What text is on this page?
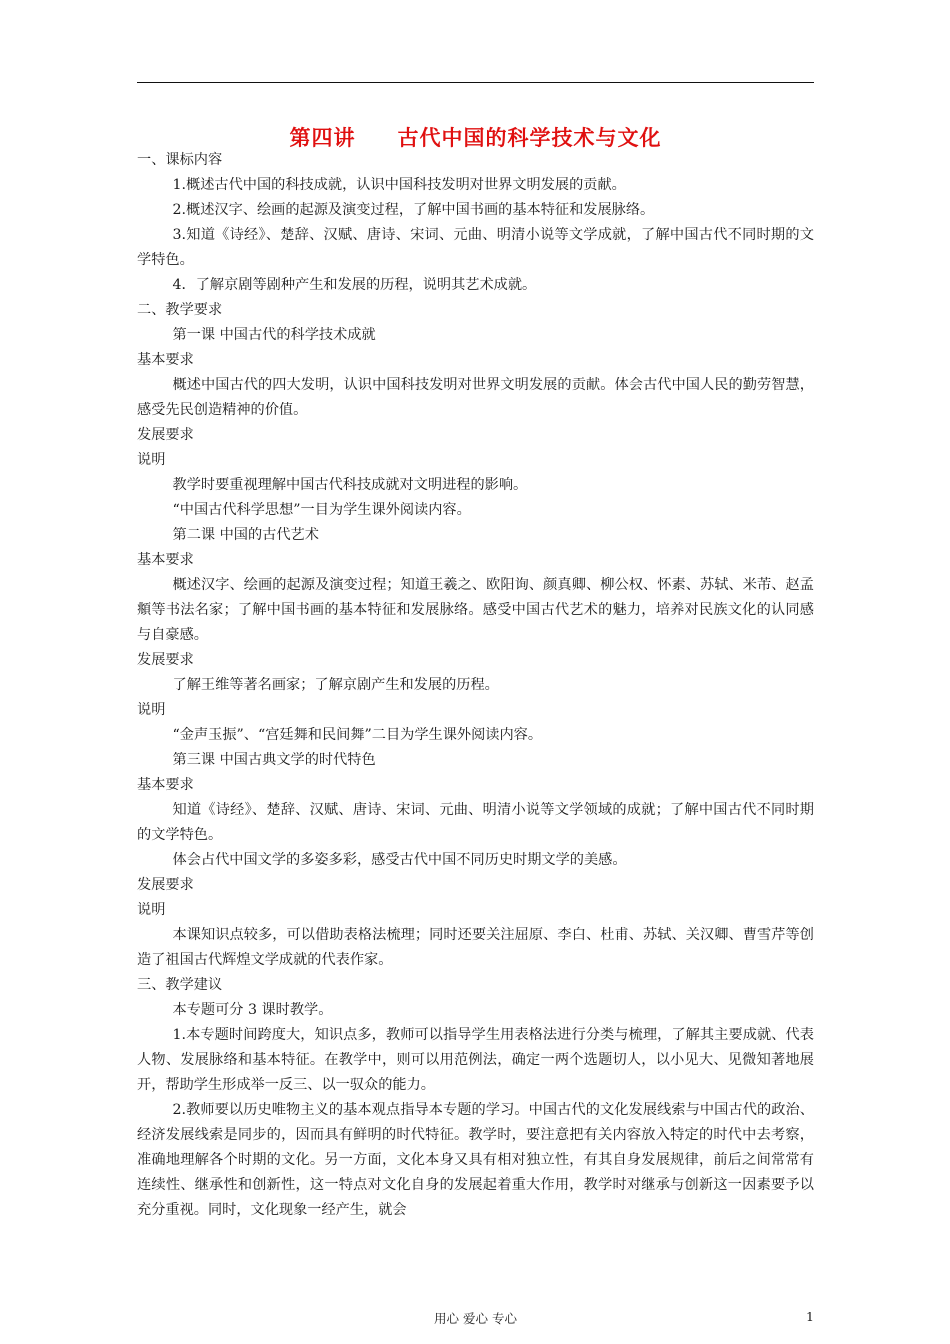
第四讲 古代中国的科学技术与文化

一、课标内容

1.概述古代中国的科技成就，认识中国科技发明对世界文明发展的贡献。

2.概述汉字、绘画的起源及演变过程，了解中国书画的基本特征和发展脉络。

3.知道《诗经》、楚辞、汉赋、唐诗、宋词、元曲、明清小说等文学成就，了解中国古代不同时期的文学特色。

4．了解京剧等剧种产生和发展的历程，说明其艺术成就。

二、教学要求

第一课 中国古代的科学技术成就

基本要求

概述中国古代的四大发明，认识中国科技发明对世界文明发展的贡献。体会古代中国人民的勤劳智慧，感受先民创造精神的价值。

发展要求

说明

教学时要重视理解中国古代科技成就对文明进程的影响。

“中国古代科学思想”一目为学生课外阅读内容。

第二课 中国的古代艺术

基本要求

概述汉字、绘画的起源及演变过程；知道王羲之、欧阳询、颜真卿、柳公权、怀素、苏轼、米芾、赵孟頫等书法名家；了解中国书画的基本特征和发展脉络。感受中国古代艺术的魅力，培养对民族文化的认同感与自豪感。

发展要求

了解王维等著名画家；了解京剧产生和发展的历程。

说明

“金声玉振”、“宫廷舞和民间舞”二目为学生课外阅读内容。

第三课 中国古典文学的时代特色

基本要求

知道《诗经》、楚辞、汉赋、唐诗、宋词、元曲、明清小说等文学领域的成就；了解中国古代不同时期的文学特色。

体会占代中国文学的多姿多彩，感受古代中国不同历史时期文学的美感。

发展要求

说明

本课知识点较多，可以借助表格法梳理；同时还要关注屈原、李白、杜甫、苏轼、关汉卿、曹雪芹等创造了祖国古代辉煌文学成就的代表作家。

三、教学建议

本专题可分 3 课时教学。

1.本专题时间跨度大，知识点多，教师可以指导学生用表格法进行分类与梳理，了解其主要成就、代表人物、发展脉络和基本特征。在教学中，则可以用范例法，确定一两个选题切人，以小见大、见微知著地展开，帮助学生形成举一反三、以一驭众的能力。

2.教师要以历史唯物主义的基本观点指导本专题的学习。中国古代的文化发展线索与中国古代的政治、经济发展线索是同步的，因而具有鲜明的时代特征。教学时，要注意把有关内容放入特定的时代中去考察，准确地理解各个时期的文化。另一方面，文化本身又具有相对独立性，有其自身发展规律，前后之间常常有连续性、继承性和创新性，这一特点对文化自身的发展起着重大作用，教学时对继承与创新这一因素要予以充分重视。同时，文化现象一经产生，就会

用心 爱心 专心	1
